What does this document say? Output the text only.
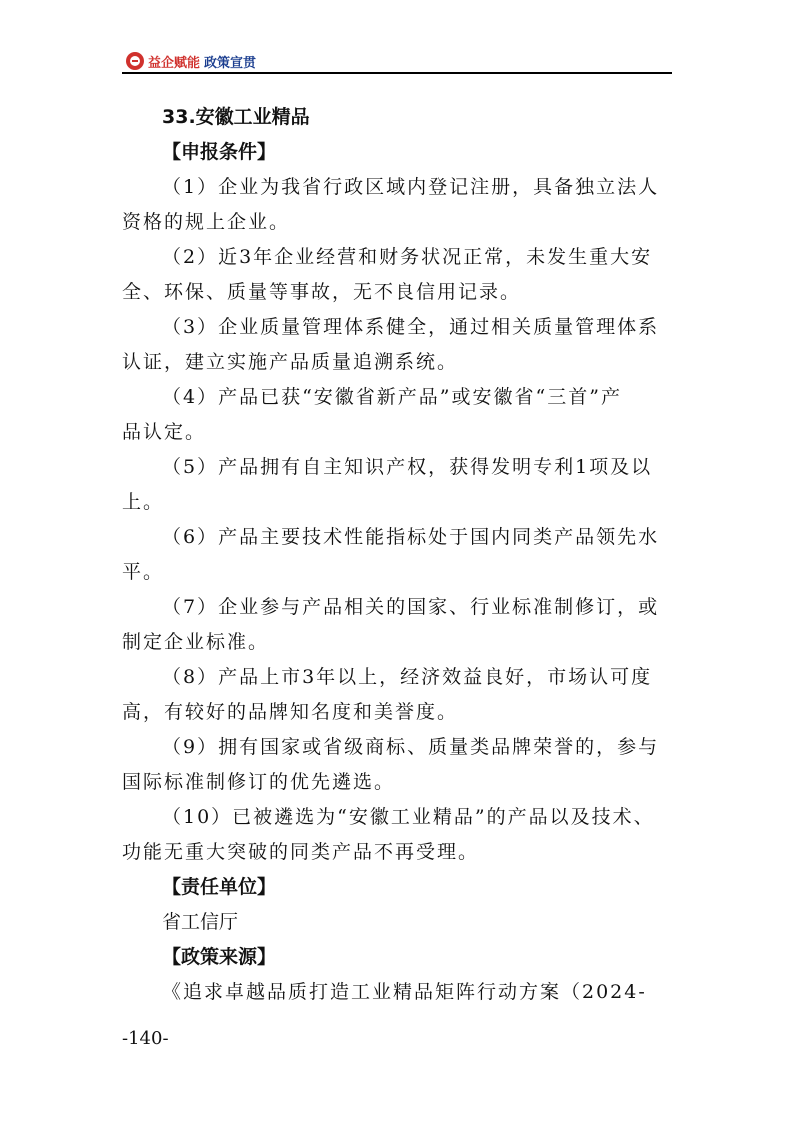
益企赋能 政策宣贯
33.安徽工业精品
【申报条件】
（1）企业为我省行政区域内登记注册，具备独立法人
资格的规上企业。
（2）近3年企业经营和财务状况正常，未发生重大安
全、环保、质量等事故，无不良信用记录。
（3）企业质量管理体系健全，通过相关质量管理体系
认证，建立实施产品质量追溯系统。
（4）产品已获“安徽省新产品”或安徽省“三首”产
品认定。
（5）产品拥有自主知识产权，获得发明专利1项及以
上。
（6）产品主要技术性能指标处于国内同类产品领先水
平。
（7）企业参与产品相关的国家、行业标准制修订，或
制定企业标准。
（8）产品上市3年以上，经济效益良好，市场认可度
高，有较好的品牌知名度和美誉度。
（9）拥有国家或省级商标、质量类品牌荣誉的，参与
国际标准制修订的优先遴选。
（10）已被遴选为“安徽工业精品”的产品以及技术、
功能无重大突破的同类产品不再受理。
【责任单位】
省工信厅
【政策来源】
《追求卓越品质打造工业精品矩阵行动方案（2024-
-140-
